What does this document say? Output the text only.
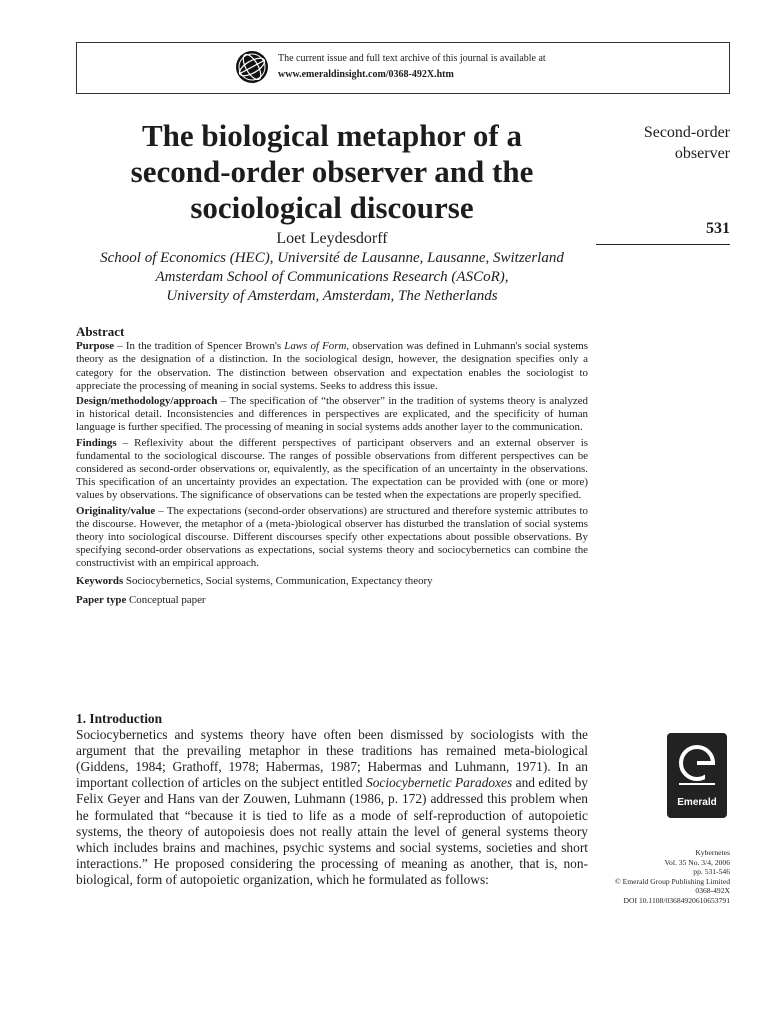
The current issue and full text archive of this journal is available at
www.emeraldinsight.com/0368-492X.htm
The biological metaphor of a
second-order observer and the
sociological discourse
Loet Leydesdorff
School of Economics (HEC), Université de Lausanne, Lausanne, Switzerland
Amsterdam School of Communications Research (ASCoR),
University of Amsterdam, Amsterdam, The Netherlands
Second-order
observer
531
Abstract

Purpose – In the tradition of Spencer Brown's Laws of Form, observation was defined in Luhmann's social systems theory as the designation of a distinction. In the sociological design, however, the designation specifies only a category for the observation. The distinction between observation and expectation enables the sociologist to appreciate the processing of meaning in social systems. Seeks to address this issue.

Design/methodology/approach – The specification of “the observer” in the tradition of systems theory is analyzed in historical detail. Inconsistencies and differences in perspectives are explicated, and the specificity of human language is further specified. The processing of meaning in social systems adds another layer to the communication.

Findings – Reflexivity about the different perspectives of participant observers and an external observer is fundamental to the sociological discourse. The ranges of possible observations from different perspectives can be considered as second-order observations or, equivalently, as the specification of an uncertainty in the observations. This specification of an uncertainty provides an expectation. The expectation can be provided with (one or more) values by observations. The significance of observations can be tested when the expectations are properly specified.

Originality/value – The expectations (second-order observations) are structured and therefore systemic attributes to the discourse. However, the metaphor of a (meta-)biological observer has disturbed the translation of social systems theory into sociological discourse. Different discourses specify other expectations about possible observations. By specifying second-order observations as expectations, social systems theory and sociocybernetics can combine the constructivist with an empirical approach.

Keywords Sociocybernetics, Social systems, Communication, Expectancy theory

Paper type Conceptual paper

1. Introduction

Sociocybernetics and systems theory have often been dismissed by sociologists with the argument that the prevailing metaphor in these traditions has remained meta-biological (Giddens, 1984; Grathoff, 1978; Habermas, 1987; Habermas and Luhmann, 1971). In an important collection of articles on the subject entitled Sociocybernetic Paradoxes and edited by Felix Geyer and Hans van der Zouwen, Luhmann (1986, p. 172) addressed this problem when he formulated that “because it is tied to life as a mode of self-reproduction of autopoietic systems, the theory of autopoiesis does not really attain the level of general systems theory which includes brains and machines, psychic systems and social systems, societies and short interactions.” He proposed considering the processing of meaning as another, that is, non-biological, form of autopoietic organization, which he formulated as follows:

Emerald
Kybernetes
Vol. 35 No. 3/4, 2006
pp. 531-546
© Emerald Group Publishing Limited
0368-492X
DOI 10.1108/03684920610653791
